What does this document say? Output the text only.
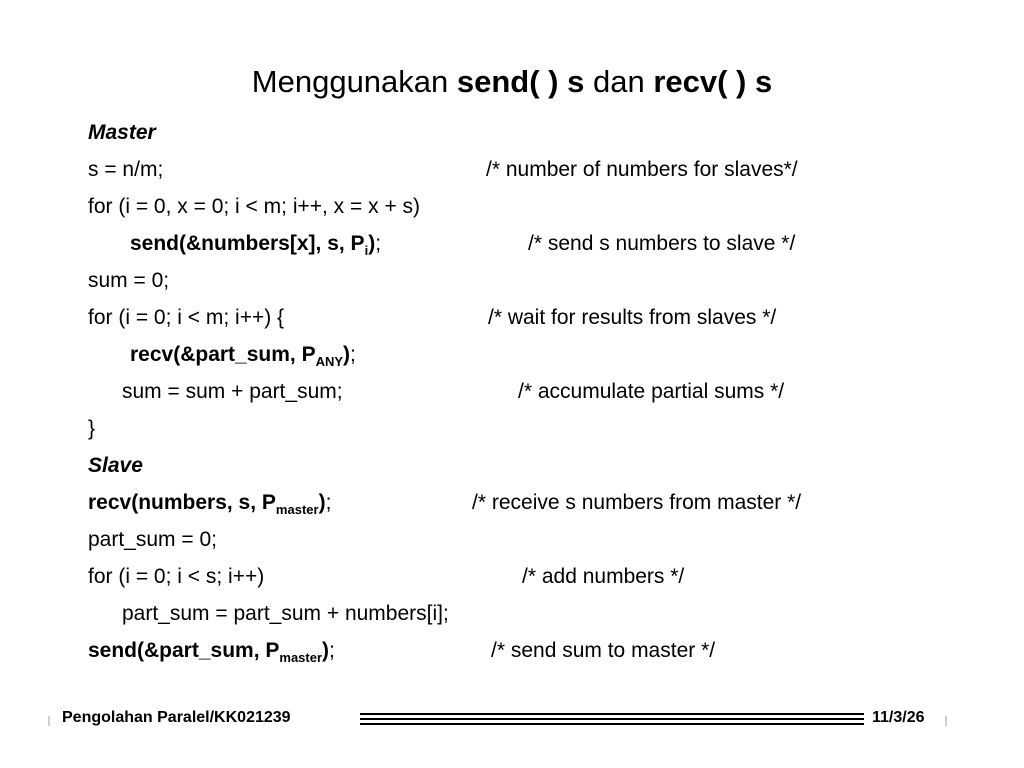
Menggunakan send( ) s dan recv( ) s
Master
s = n/m;	/* number of numbers for slaves*/
for (i = 0, x = 0; i < m; i++, x = x + s)
send(&numbers[x], s, $P_i$);	/* send s numbers to slave */
sum = 0;
for (i = 0; i < m; i++) {	/* wait for results from slaves */
recv(&part_sum, $P_{ANY}$);
sum = sum + part_sum;	/* accumulate partial sums */
}
Slave
recv(numbers, s, $P_{master}$);	/* receive s numbers from master */
part_sum = 0;
for (i = 0; i < s; i++)	/* add numbers */
part_sum = part_sum + numbers[i];
send(&part_sum, $P_{master}$);	/* send sum to master */
Pengolahan Paralel/KK021239	11/3/26
